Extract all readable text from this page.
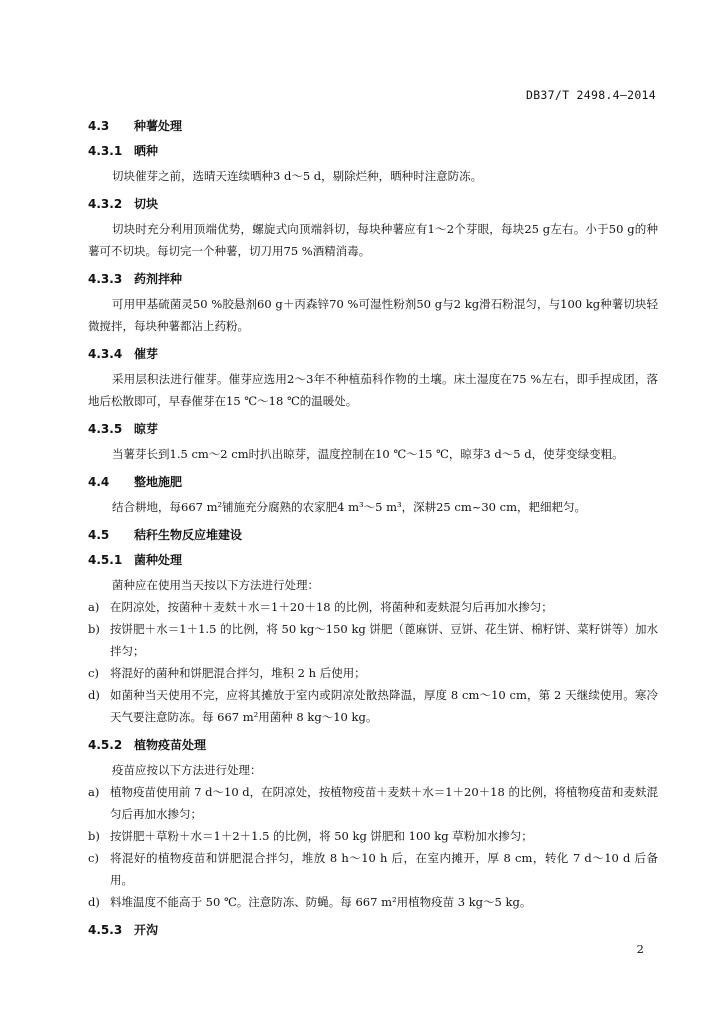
DB37/T 2498.4—2014
4.3 种薯处理
4.3.1 晒种

切块催芽之前，选晴天连续晒种3 d～5 d，剔除烂种，晒种时注意防冻。

4.3.2 切块

切块时充分利用顶端优势，螺旋式向顶端斜切，每块种薯应有1～2个芽眼，每块25 g左右。小于50 g的种薯可不切块。每切完一个种薯，切刀用75 %酒精消毒。

4.3.3 药剂拌种

可用甲基硫菌灵50 %胶悬剂60 g＋丙森锌70 %可湿性粉剂50 g与2 kg滑石粉混匀，与100 kg种薯切块轻微搅拌，每块种薯都沾上药粉。

4.3.4 催芽

采用层积法进行催芽。催芽应选用2～3年不种植茄科作物的土壤。床土湿度在75 %左右，即手捏成团，落地后松散即可，早春催芽在15 ℃～18 ℃的温暖处。

4.3.5 晾芽

当薯芽长到1.5 cm～2 cm时扒出晾芽，温度控制在10 ℃～15 ℃，晾芽3 d～5 d，使芽变绿变粗。

4.4 整地施肥

结合耕地，每667 m²铺施充分腐熟的农家肥4 m³～5 m³，深耕25 cm~30 cm，耙细耙匀。

4.5 秸秆生物反应堆建设
4.5.1 菌种处理

菌种应在使用当天按以下方法进行处理：

a) 在阴凉处，按菌种＋麦麸＋水＝1＋20＋18 的比例，将菌种和麦麸混匀后再加水掺匀；
b) 按饼肥＋水＝1＋1.5 的比例，将 50 kg～150 kg 饼肥（蓖麻饼、豆饼、花生饼、棉籽饼、菜籽饼等）加水拌匀；
c) 将混好的菌种和饼肥混合拌匀，堆积 2 h 后使用；
d) 如菌种当天使用不完，应将其摊放于室内或阴凉处散热降温，厚度 8 cm～10 cm，第 2 天继续使用。寒冷天气要注意防冻。每 667 m²用菌种 8 kg～10 kg。
4.5.2 植物疫苗处理

疫苗应按以下方法进行处理：

a) 植物疫苗使用前 7 d～10 d，在阴凉处，按植物疫苗＋麦麸＋水＝1＋20＋18 的比例，将植物疫苗和麦麸混匀后再加水掺匀；
b) 按饼肥＋草粉＋水＝1＋2＋1.5 的比例，将 50 kg 饼肥和 100 kg 草粉加水掺匀；
c) 将混好的植物疫苗和饼肥混合拌匀，堆放 8 h～10 h 后，在室内摊开，厚 8 cm，转化 7 d～10 d 后备用。
d) 料堆温度不能高于 50 ℃。注意防冻、防蝇。每 667 m²用植物疫苗 3 kg～5 kg。
4.5.3 开沟
2
